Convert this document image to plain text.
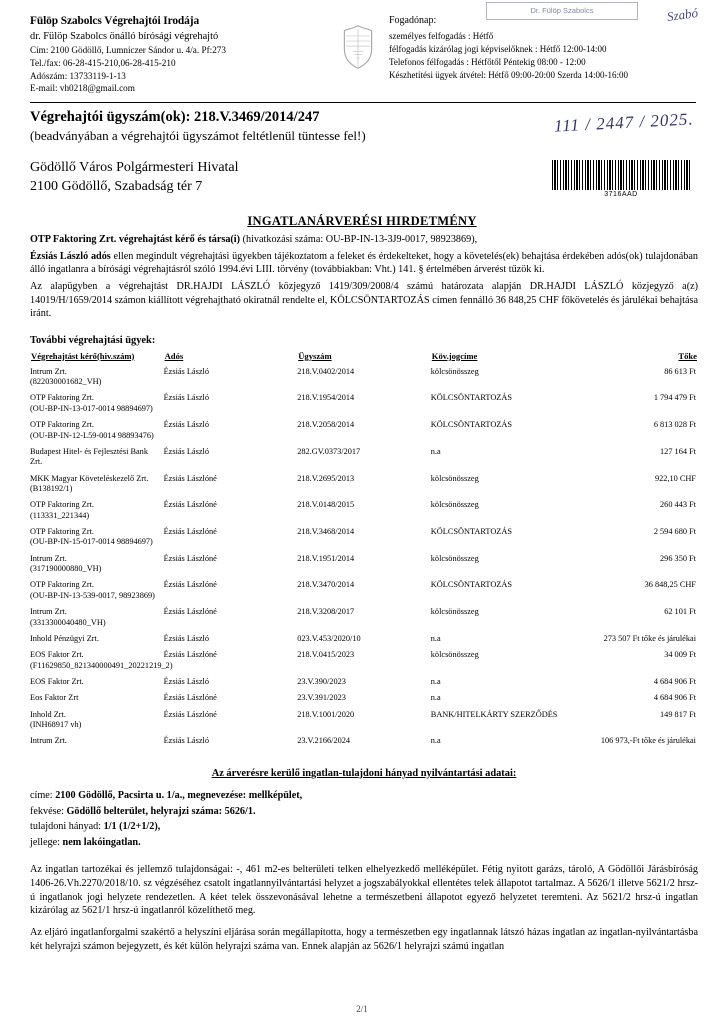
Fülöp Szabolcs Végrehajtói Irodája
dr. Fülöp Szabolcs önálló bírósági végrehajtó
Cím: 2100 Gödöllő, Lumniczer Sándor u. 4/a. Pf:273
Tel./fax: 06-28-415-210,06-28-415-210
Adószám: 13733119-1-13
E-mail: vh0218@gmail.com
Dr. Fülöp Szabolcs	Szabó
Fogadónap:
személyes felfogadás : Hétfő
félfogadás kizárólag jogi képviselőknek : Hétfő 12:00-14:00
Telefonos félfogadás : Hétfőtől Péntekig 08:00 - 12:00
Készhetítési ügyek átvétel: Hétfő 09:00-20:00 Szerda 14:00-16:00
Végrehajtói ügyszám(ok): 218.V.3469/2014/247
(beadványában a végrehajtói ügyszámot feltétlenül tüntesse fel!)	111 / 2447 / 2025.
Gödöllő Város Polgármesteri Hivatal
2100 Gödöllő, Szabadság tér 7
3716AAD
INGATLANÁRVERÉSI HIRDETMÉNY

OTP Faktoring Zrt. végrehajtást kérő és társa(i) (hivatkozási száma: OU-BP-IN-13-3J9-0017, 98923869),

Ézsiás László adós ellen megindult végrehajtási ügyekben tájékoztatom a feleket és érdekelteket, hogy a követelés(ek) behajtása érdekében adós(ok) tulajdonában álló ingatlanra a bírósági végrehajtásról szóló 1994.évi LIII. törvény (továbbiakban: Vht.) 141. § értelmében árverést tűzök ki.

Az alapügyben a végrehajtást DR.HAJDI LÁSZLÓ közjegyző 1419/309/2008/4 számú határozata alapján DR.HAJDI LÁSZLÓ közjegyző a(z) 14019/H/1659/2014 számon kiállított végrehajtható okiratnál rendelte el, KÖLCSÖNTARTOZÁS címen fennálló 36 848,25 CHF főkövetelés és járulékai behajtása iránt.

További végrehajtási ügyek:
Végrehajtást kérő(hiv.szám)	Adós	Ügyszám	Köv.jogcíme	Tőke
Intrum Zrt.
(822030001682_VH)	Ézsiás László	218.V.0402/2014	kölcsönösszeg	86 613 Ft
OTP Faktoring Zrt.
(OU-BP-IN-13-017-0014 98894697)	Ézsiás László	218.V.1954/2014	KÖLCSÖNTARTOZÁS	1 794 479 Ft
OTP Faktoring Zrt.
(OU-BP-IN-12-L59-0014 98893476)	Ézsiás László	218.V.2058/2014	KÖLCSÖNTARTOZÁS	6 813 028 Ft
Budapest Hitel- és Fejlesztési Bank Zrt.	Ézsiás László	282.GV.0373/2017	n.a	127 164 Ft
MKK Magyar Követeléskezelő Zrt.
(B138192/1)	Ézsiás Lászlóné	218.V.2695/2013	kölcsönösszeg	922,10 CHF
OTP Faktoring Zrt.
(113331_221344)	Ézsiás Lászlóné	218.V.0148/2015	kölcsönösszeg	260 443 Ft
OTP Faktoring Zrt.
(OU-BP-IN-15-017-0014 98894697)	Ézsiás Lászlóné	218.V.3468/2014	KÖLCSÖNTARTOZÁS	2 594 680 Ft
Intrum Zrt.
(317190000880_VH)	Ézsiás Lászlóné	218.V.1951/2014	kölcsönösszeg	296 350 Ft
OTP Faktoring Zrt.
(OU-BP-IN-13-539-0017, 98923869)	Ézsiás Lászlóné	218.V.3470/2014	KÖLCSÖNTARTOZÁS	36 848,25 CHF
Intrum Zrt.
(3313300040480_VH)	Ézsiás Lászlóné	218.V.3208/2017	kölcsönösszeg	62 101 Ft
Inhold Pénzügyi Zrt.	Ézsiás László	023.V.453/2020/10	n.a	273 507 Ft tőke és járulékai
EOS Faktor Zrt.
(F11629850_821340000491_20221219_2)	Ézsiás Lászlóné	218.V.0415/2023	kölcsönösszeg	34 009 Ft
EOS Faktor Zrt.	Ézsiás László	23.V.390/2023	n.a	4 684 906 Ft
Eos Faktor Zrt	Ézsiás Lászlóné	23.V.391/2023	n.a	4 684 906 Ft
Inhold Zrt.
(INH68917 vh)	Ézsiás Lászlóné	218.V.1001/2020	BANK/HITELKÁRTY SZERZŐDÉS	149 817 Ft
Intrum Zrt.	Ézsiás László	23.V.2166/2024	n.a	106 973,-Ft tőke és járulékai
Az árverésre kerülő ingatlan-tulajdoni hányad nyilvántartási adatai:
címe: 2100 Gödöllő, Pacsirta u. 1/a., megnevezése: mellképület,
fekvése: Gödöllő belterület, helyrajzi száma: 5626/1.
tulajdoni hányad: 1/1 (1/2+1/2),
jellege: nem lakóingatlan.

Az ingatlan tartozékai és jellemző tulajdonságai: -, 461 m2-es belterületi telken elhelyezkedő melléképület. Fétig nyitott garázs, tároló, A Gödöllői Járásbíróság 1406-26.Vh.2270/2018/10. sz végzéséhez csatolt ingatlannyilvántartási helyzet a jogszabályokkal ellentétes telek állapotot tartalmaz. A 5626/1 illetve 5621/2 hrsz-ú ingatlanok jogi helyzete rendezetlen. A kéet telek összevonásával lehetne a természetbeni állapotot egyező helyzetet teremteni. Az 5621/2 hrsz-ú ingatlan kizárólag az 5621/1 hrsz-ú ingatlanról közelíthető meg.

Az eljáró ingatlanforgalmi szakértő a helyszíni eljárása során megállapította, hogy a természetben egy ingatlannak látszó házas ingatlan az ingatlan-nyilvántartásba két helyrajzi számon bejegyzett, és két külön helyrajzi száma van. Ennek alapján az 5626/1 helyrajzi számú ingatlan

2/1
